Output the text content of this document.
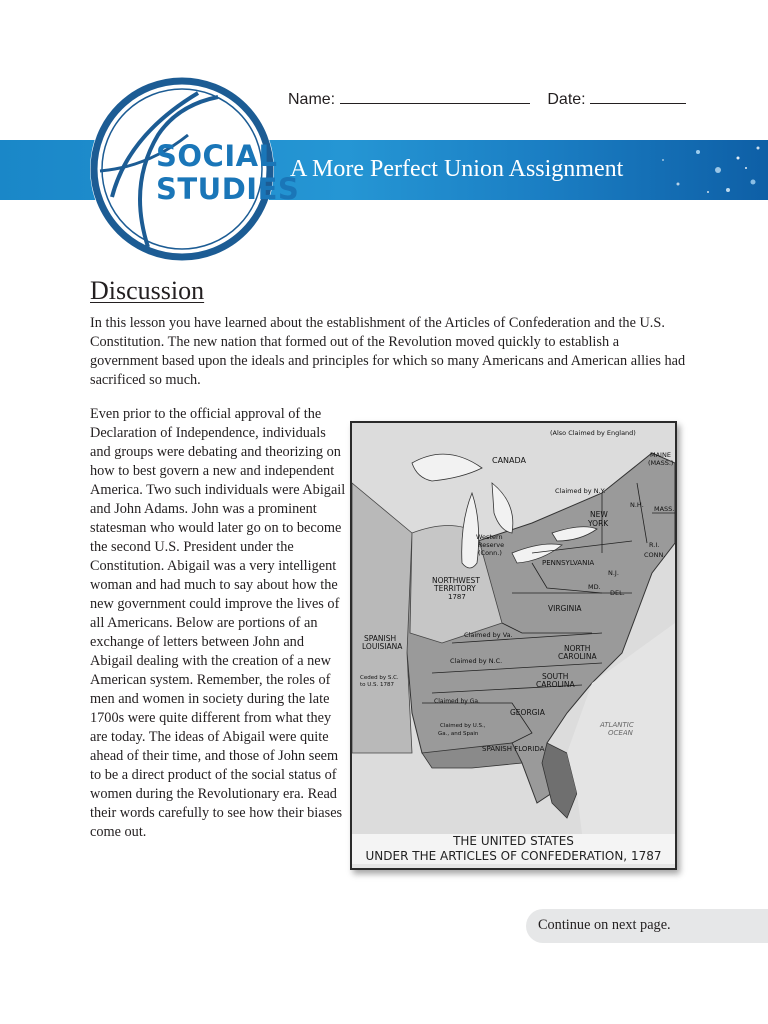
Name:	Date:
A More Perfect Union Assignment
SOCIAL
STUDIES
Discussion

In this lesson you have learned about the establishment of the Articles of Confederation and the U.S. Constitution. The new nation that formed out of the Revolution moved quickly to establish a government based upon the ideals and principles for which so many Americans and American allies had sacrificed so much.

Even prior to the official approval of the Declaration of Independence, individuals and groups were debating and theorizing on how to best govern a new and independent America. Two such individuals were Abigail and John Adams. John was a prominent statesman who would later go on to become the second U.S. President under the Constitution. Abigail was a very intelligent woman and had much to say about how the new government could improve the lives of all Americans. Below are portions of an exchange of letters between John and Abigail dealing with the creation of a new American system. Remember, the roles of men and women in society during the late 1700s were quite different from what they are today. The ideas of Abigail were quite ahead of their time, and those of John seem to be a direct product of the social status of women during the Revolutionary era. Read their words carefully to see how their biases come out.

(Also Claimed by England)
CANADA
MAINE
(MASS.)
Claimed by N.Y.
N.H. MASS.
NEW
YORK
R.I.
CONN.
Western
Reserve
(Conn.)
PENNSYLVANIA
N.J.
NORTHWEST
TERRITORY
1787
MD.
DEL.
VIRGINIA
SPANISH
LOUISIANA
Claimed by Va.
Claimed by N.C.
NORTH
CAROLINA
Ceded by S.C.
to U.S. 1787
SOUTH
CAROLINA
Claimed by Ga.
GEORGIA
ATLANTIC
OCEAN
Claimed by U.S.,
Ga., and Spain
SPANISH FLORIDA
THE UNITED STATES
UNDER THE ARTICLES OF CONFEDERATION, 1787
Continue on next page.
